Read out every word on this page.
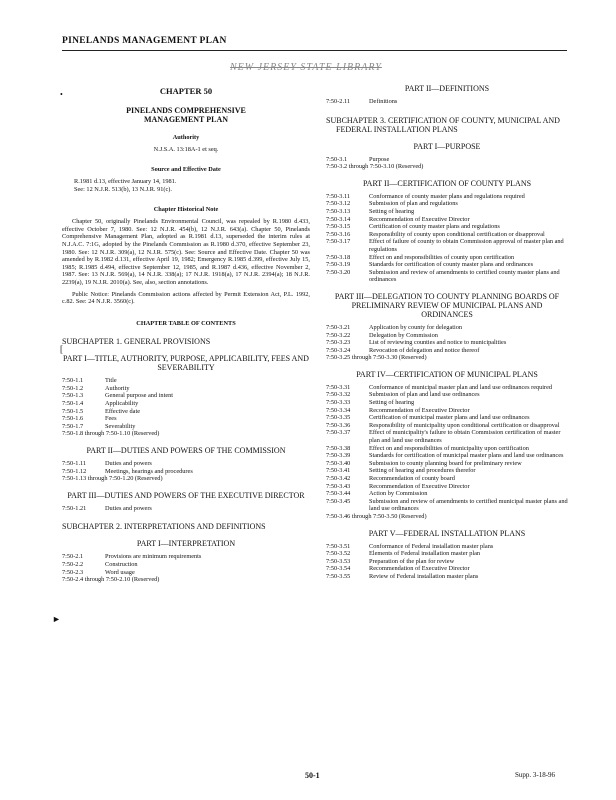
PINELANDS MANAGEMENT PLAN
NEW JERSEY STATE LIBRARY
•
[
►
CHAPTER 50
PINELANDS COMPREHENSIVE
MANAGEMENT PLAN
Authority
N.J.S.A. 13:18A-1 et seq.
Source and Effective Date
R.1981 d.13, effective January 14, 1981.
See: 12 N.J.R. 513(b), 13 N.J.R. 91(c).
Chapter Historical Note

Chapter 50, originally Pinelands Environmental Council, was repealed by R.1980 d.433, effective October 7, 1980. See: 12 N.J.R. 454(b), 12 N.J.R. 643(a). Chapter 50, Pinelands Comprehensive Management Plan, adopted as R.1981 d.13, superseded the interim rules at N.J.A.C. 7:1G, adopted by the Pinelands Commission as R.1980 d.370, effective September 23, 1980. See: 12 N.J.R. 309(a), 12 N.J.R. 575(c). See: Source and Effective Date. Chapter 50 was amended by R.1982 d.131, effective April 19, 1982; Emergency R.1985 d.399, effective July 15, 1985; R.1985 d.494, effective September 12, 1985, and R.1987 d.436, effective November 2, 1987. See: 13 N.J.R. 569(a), 14 N.J.R. 338(a); 17 N.J.R. 1918(a), 17 N.J.R. 2394(a); 18 N.J.R. 2239(a), 19 N.J.R. 2010(a). See, also, section annotations.

Public Notice: Pinelands Commission actions affected by Permit Extension Act, P.L. 1992, c.82. See: 24 N.J.R. 3560(c).

CHAPTER TABLE OF CONTENTS
SUBCHAPTER 1. GENERAL PROVISIONS
PART I—TITLE, AUTHORITY, PURPOSE, APPLICABILITY, FEES AND SEVERABILITY
7:50-1.1	Title
7:50-1.2	Authority
7:50-1.3	General purpose and intent
7:50-1.4	Applicability
7:50-1.5	Effective date
7:50-1.6	Fees
7:50-1.7	Severability
7:50-1.8 through 7:50-1.10 (Reserved)
PART II—DUTIES AND POWERS OF THE COMMISSION
7:50-1.11	Duties and powers
7:50-1.12	Meetings, hearings and procedures
7:50-1.13 through 7:50-1.20 (Reserved)
PART III—DUTIES AND POWERS OF THE EXECUTIVE DIRECTOR
7:50-1.21	Duties and powers
SUBCHAPTER 2. INTERPRETATIONS AND DEFINITIONS
PART I—INTERPRETATION
7:50-2.1	Provisions are minimum requirements
7:50-2.2	Construction
7:50-2.3	Word usage
7:50-2.4 through 7:50-2.10 (Reserved)
PART II—DEFINITIONS
7:50-2.11	Definitions
SUBCHAPTER 3. CERTIFICATION OF COUNTY, MUNICIPAL AND FEDERAL INSTALLATION PLANS
PART I—PURPOSE
7:50-3.1	Purpose
7:50-3.2 through 7:50-3.10 (Reserved)
PART II—CERTIFICATION OF COUNTY PLANS
7:50-3.11	Conformance of county master plans and regulations required
7:50-3.12	Submission of plan and regulations
7:50-3.13	Setting of hearing
7:50-3.14	Recommendation of Executive Director
7:50-3.15	Certification of county master plans and regulations
7:50-3.16	Responsibility of county upon conditional certification or disapproval
7:50-3.17	Effect of failure of county to obtain Commission approval of master plan and regulations
7:50-3.18	Effect on and responsibilities of county upon certification
7:50-3.19	Standards for certification of county master plans and ordinances
7:50-3.20	Submission and review of amendments to certified county master plans and ordinances
PART III—DELEGATION TO COUNTY PLANNING BOARDS OF PRELIMINARY REVIEW OF MUNICIPAL PLANS AND ORDINANCES
7:50-3.21	Application by county for delegation
7:50-3.22	Delegation by Commission
7:50-3.23	List of reviewing counties and notice to municipalities
7:50-3.24	Revocation of delegation and notice thereof
7:50-3.25 through 7:50-3.30 (Reserved)
PART IV—CERTIFICATION OF MUNICIPAL PLANS
7:50-3.31	Conformance of municipal master plan and land use ordinances required
7:50-3.32	Submission of plan and land use ordinances
7:50-3.33	Setting of hearing
7:50-3.34	Recommendation of Executive Director
7:50-3.35	Certification of municipal master plans and land use ordinances
7:50-3.36	Responsibility of municipality upon conditional certification or disapproval
7:50-3.37	Effect of municipality's failure to obtain Commission certification of master plan and land use ordinances
7:50-3.38	Effect on and responsibilities of municipality upon certification
7:50-3.39	Standards for certification of municipal master plans and land use ordinances
7:50-3.40	Submission to county planning board for preliminary review
7:50-3.41	Setting of hearing and procedures therefor
7:50-3.42	Recommendation of county board
7:50-3.43	Recommendation of Executive Director
7:50-3.44	Action by Commission
7:50-3.45	Submission and review of amendments to certified municipal master plans and land use ordinances
7:50-3.46 through 7:50-3.50 (Reserved)
PART V—FEDERAL INSTALLATION PLANS
7:50-3.51	Conformance of Federal installation master plans
7:50-3.52	Elements of Federal installation master plan
7:50-3.53	Preparation of the plan for review
7:50-3.54	Recommendation of Executive Director
7:50-3.55	Review of Federal installation master plans
50-1	Supp. 3-18-96
